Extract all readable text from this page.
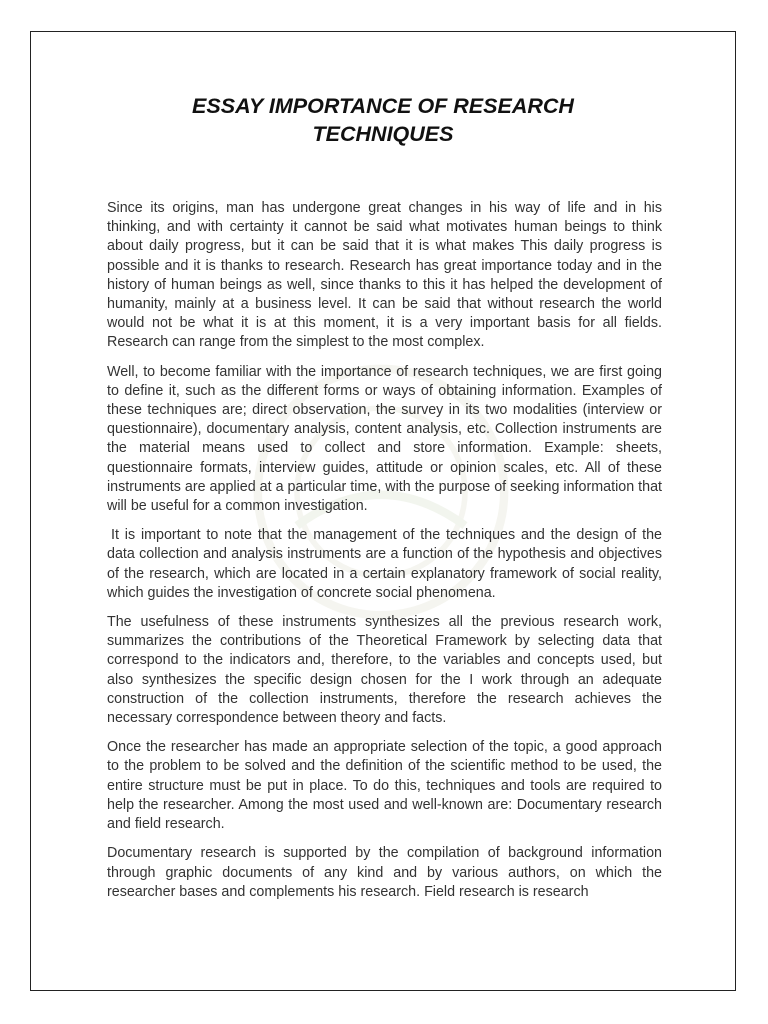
ESSAY IMPORTANCE OF RESEARCH
TECHNIQUES

Since its origins, man has undergone great changes in his way of life and in his thinking, and with certainty it cannot be said what motivates human beings to think about daily progress, but it can be said that it is what makes This daily progress is possible and it is thanks to research. Research has great importance today and in the history of human beings as well, since thanks to this it has helped the development of humanity, mainly at a business level. It can be said that without research the world would not be what it is at this moment, it is a very important basis for all fields. Research can range from the simplest to the most complex.

Well, to become familiar with the importance of research techniques, we are first going to define it, such as the different forms or ways of obtaining information. Examples of these techniques are; direct observation, the survey in its two modalities (interview or questionnaire), documentary analysis, content analysis, etc. Collection instruments are the material means used to collect and store information. Example: sheets, questionnaire formats, interview guides, attitude or opinion scales, etc. All of these instruments are applied at a particular time, with the purpose of seeking information that will be useful for a common investigation.

It is important to note that the management of the techniques and the design of the data collection and analysis instruments are a function of the hypothesis and objectives of the research, which are located in a certain explanatory framework of social reality, which guides the investigation of concrete social phenomena.

The usefulness of these instruments synthesizes all the previous research work, summarizes the contributions of the Theoretical Framework by selecting data that correspond to the indicators and, therefore, to the variables and concepts used, but also synthesizes the specific design chosen for the I work through an adequate construction of the collection instruments, therefore the research achieves the necessary correspondence between theory and facts.

Once the researcher has made an appropriate selection of the topic, a good approach to the problem to be solved and the definition of the scientific method to be used, the entire structure must be put in place. To do this, techniques and tools are required to help the researcher. Among the most used and well-known are: Documentary research and field research.

Documentary research is supported by the compilation of background information through graphic documents of any kind and by various authors, on which the researcher bases and complements his research. Field research is research
